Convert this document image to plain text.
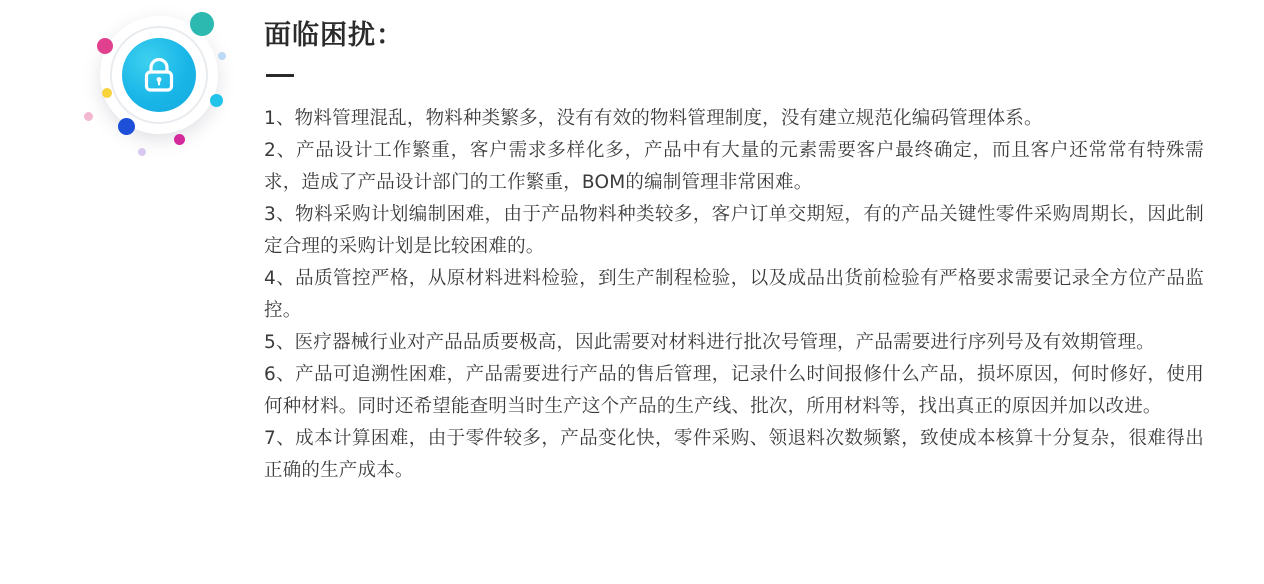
面临困扰：

1、物料管理混乱，物料种类繁多，没有有效的物料管理制度，没有建立规范化编码管理体系。

2、产品设计工作繁重，客户需求多样化多，产品中有大量的元素需要客户最终确定，而且客户还常常有特殊需求，造成了产品设计部门的工作繁重，BOM的编制管理非常困难。

3、物料采购计划编制困难，由于产品物料种类较多，客户订单交期短，有的产品关键性零件采购周期长，因此制定合理的采购计划是比较困难的。

4、品质管控严格，从原材料进料检验，到生产制程检验，以及成品出货前检验有严格要求需要记录全方位产品监控。

5、医疗器械行业对产品品质要极高，因此需要对材料进行批次号管理，产品需要进行序列号及有效期管理。

6、产品可追溯性困难，产品需要进行产品的售后管理，记录什么时间报修什么产品，损坏原因，何时修好，使用何种材料。同时还希望能查明当时生产这个产品的生产线、批次，所用材料等，找出真正的原因并加以改进。

7、成本计算困难，由于零件较多，产品变化快，零件采购、领退料次数频繁，致使成本核算十分复杂，很难得出正确的生产成本。
